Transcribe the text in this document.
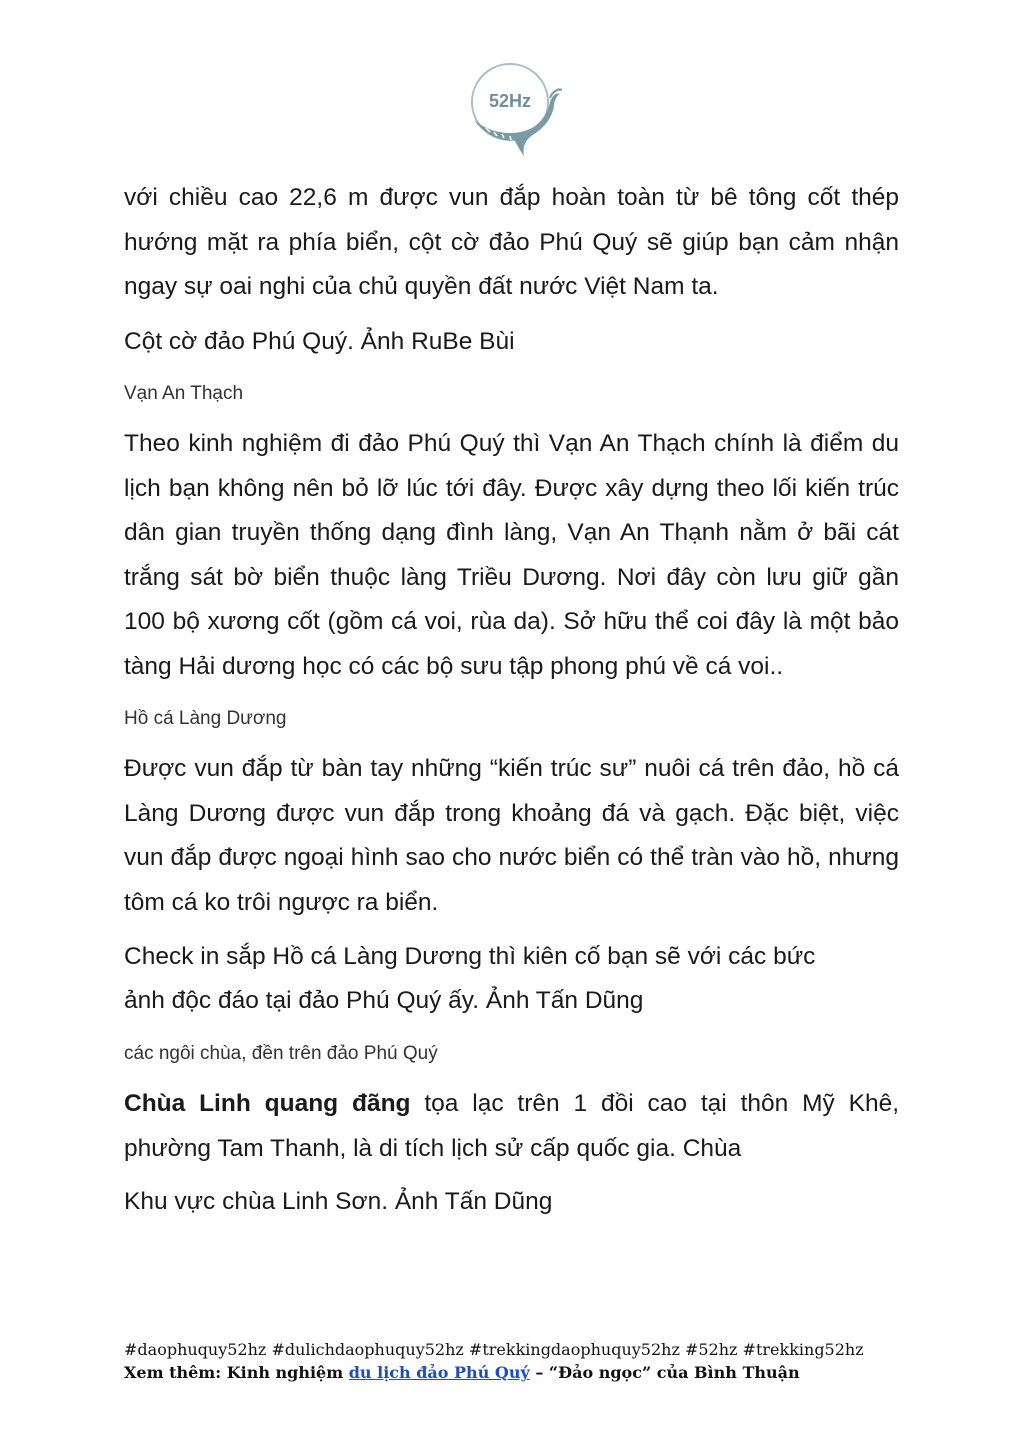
52Hz

với chiều cao 22,6 m được vun đắp hoàn toàn từ bê tông cốt thép hướng mặt ra phía biển, cột cờ đảo Phú Quý sẽ giúp bạn cảm nhận ngay sự oai nghi của chủ quyền đất nước Việt Nam ta.

Cột cờ đảo Phú Quý. Ảnh RuBe Bùi

Vạn An Thạch

Theo kinh nghiệm đi đảo Phú Quý thì Vạn An Thạch chính là điểm du lịch bạn không nên bỏ lỡ lúc tới đây. Được xây dựng theo lối kiến trúc dân gian truyền thống dạng đình làng, Vạn An Thạnh nằm ở bãi cát trắng sát bờ biển thuộc làng Triều Dương. Nơi đây còn lưu giữ gần 100 bộ xương cốt (gồm cá voi, rùa da). Sở hữu thể coi đây là một bảo tàng Hải dương học có các bộ sưu tập phong phú về cá voi..

Hồ cá Làng Dương

Được vun đắp từ bàn tay những “kiến trúc sư” nuôi cá trên đảo, hồ cá Làng Dương được vun đắp trong khoảng đá và gạch. Đặc biệt, việc vun đắp được ngoại hình sao cho nước biển có thể tràn vào hồ, nhưng tôm cá ko trôi ngược ra biển.

Check in sắp Hồ cá Làng Dương thì kiên cố bạn sẽ với các bức

ảnh độc đáo tại đảo Phú Quý ấy. Ảnh Tấn Dũng

các ngôi chùa, đền trên đảo Phú Quý

Chùa Linh quang đãng tọa lạc trên 1 đồi cao tại thôn Mỹ Khê, phường Tam Thanh, là di tích lịch sử cấp quốc gia. Chùa

Khu vực chùa Linh Sơn. Ảnh Tấn Dũng

#daophuquy52hz #dulichdaophuquy52hz #trekkingdaophuquy52hz #52hz #trekking52hz
Xem thêm: Kinh nghiệm du lịch đảo Phú Quý – “Đảo ngọc” của Bình Thuận
